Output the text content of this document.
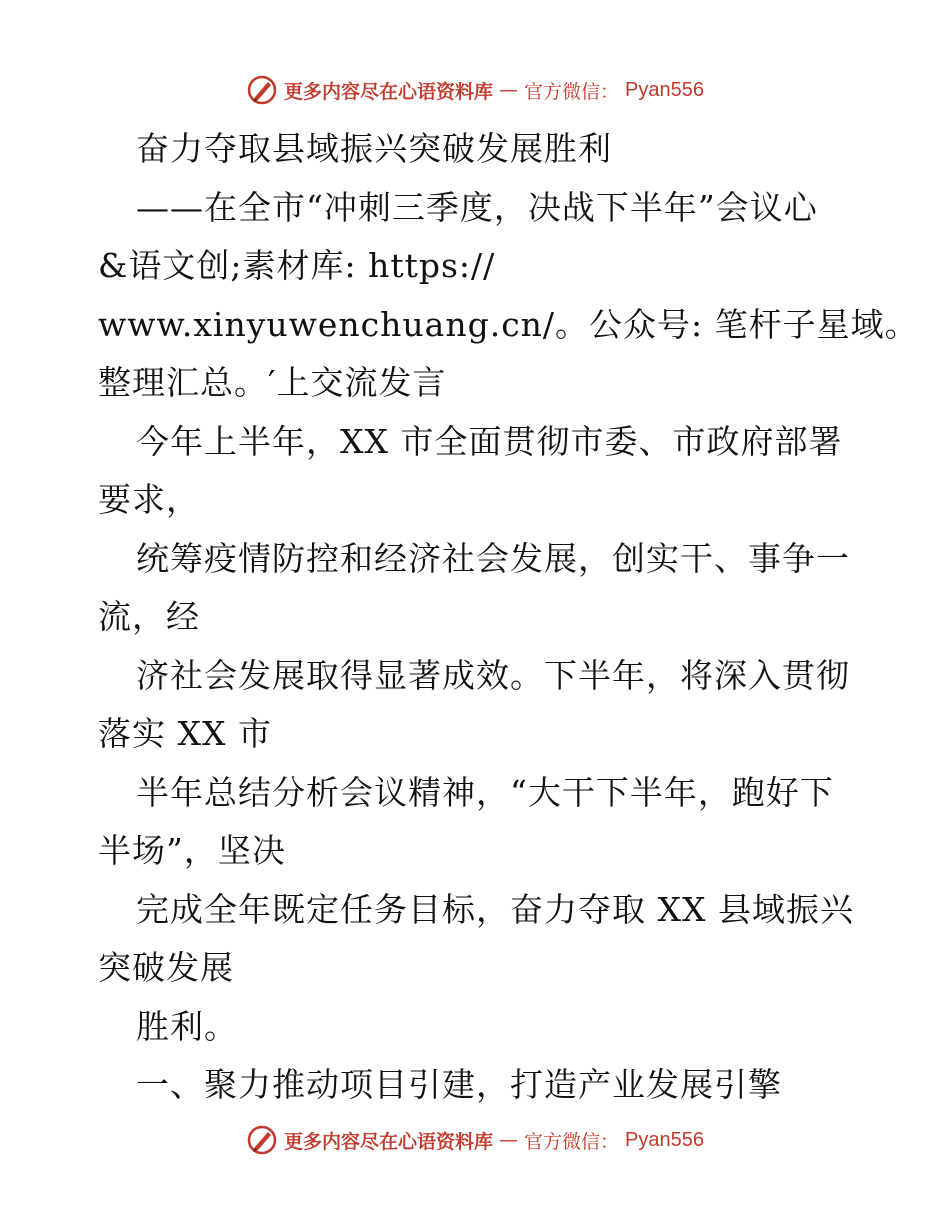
更多内容尽在心语资料库 — 官方微信： Pyan556
奋力夺取县域振兴突破发展胜利
——在全市“冲刺三季度，决战下半年”会议心
&语文创;素材库: https://
www.xinyuwenchuang.cn/。公众号: 笔杆子星域。
整理汇总。′上交流发言
今年上半年，XX 市全面贯彻市委、市政府部署
要求，
统筹疫情防控和经济社会发展，创实干、事争一
流，经
济社会发展取得显著成效。下半年，将深入贯彻
落实 XX 市
半年总结分析会议精神，“大干下半年，跑好下
半场”，坚决
完成全年既定任务目标，奋力夺取 XX 县域振兴
突破发展
胜利。
一、聚力推动项目引建，打造产业发展引擎
更多内容尽在心语资料库 — 官方微信： Pyan556
